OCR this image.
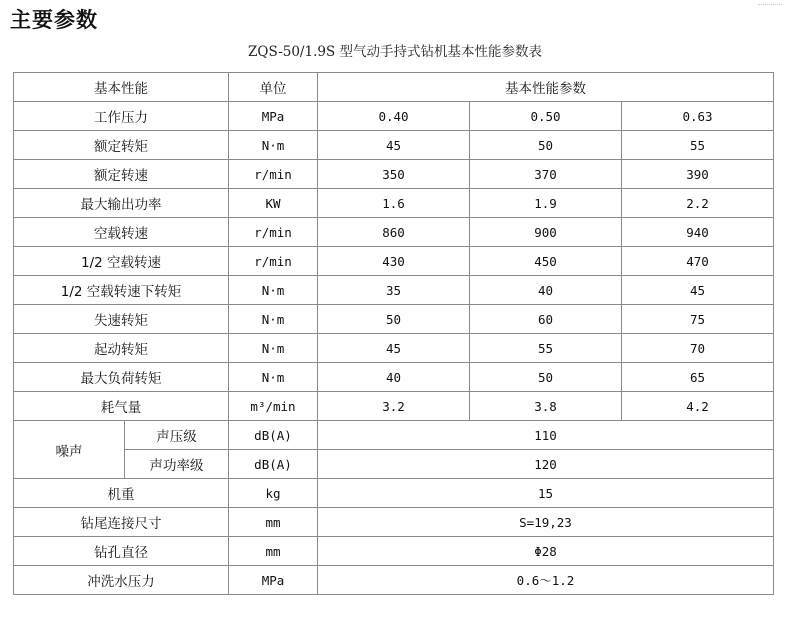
主要参数
ZQS-50/1.9S 型气动手持式钻机基本性能参数表
基本性能		单位	基本性能参数		
工作压力		MPa	0.40	0.50	0.63
额定转矩		N·m	45	50	55
额定转速		r/min	350	370	390
最大输出功率		KW	1.6	1.9	2.2
空载转速		r/min	860	900	940
1/2 空载转速		r/min	430	450	470
1/2 空载转速下转矩		N·m	35	40	45
失速转矩		N·m	50	60	75
起动转矩		N·m	45	55	70
最大负荷转矩		N·m	40	50	65
耗气量		m³/min	3.2	3.8	4.2
噪声	声压级	dB(A)	110		
	声功率级	dB(A)	120		
机重		kg	15		
钻尾连接尺寸		mm	S=19,23		
钻孔直径		mm	Φ28		
冲洗水压力		MPa	0.6～1.2		
